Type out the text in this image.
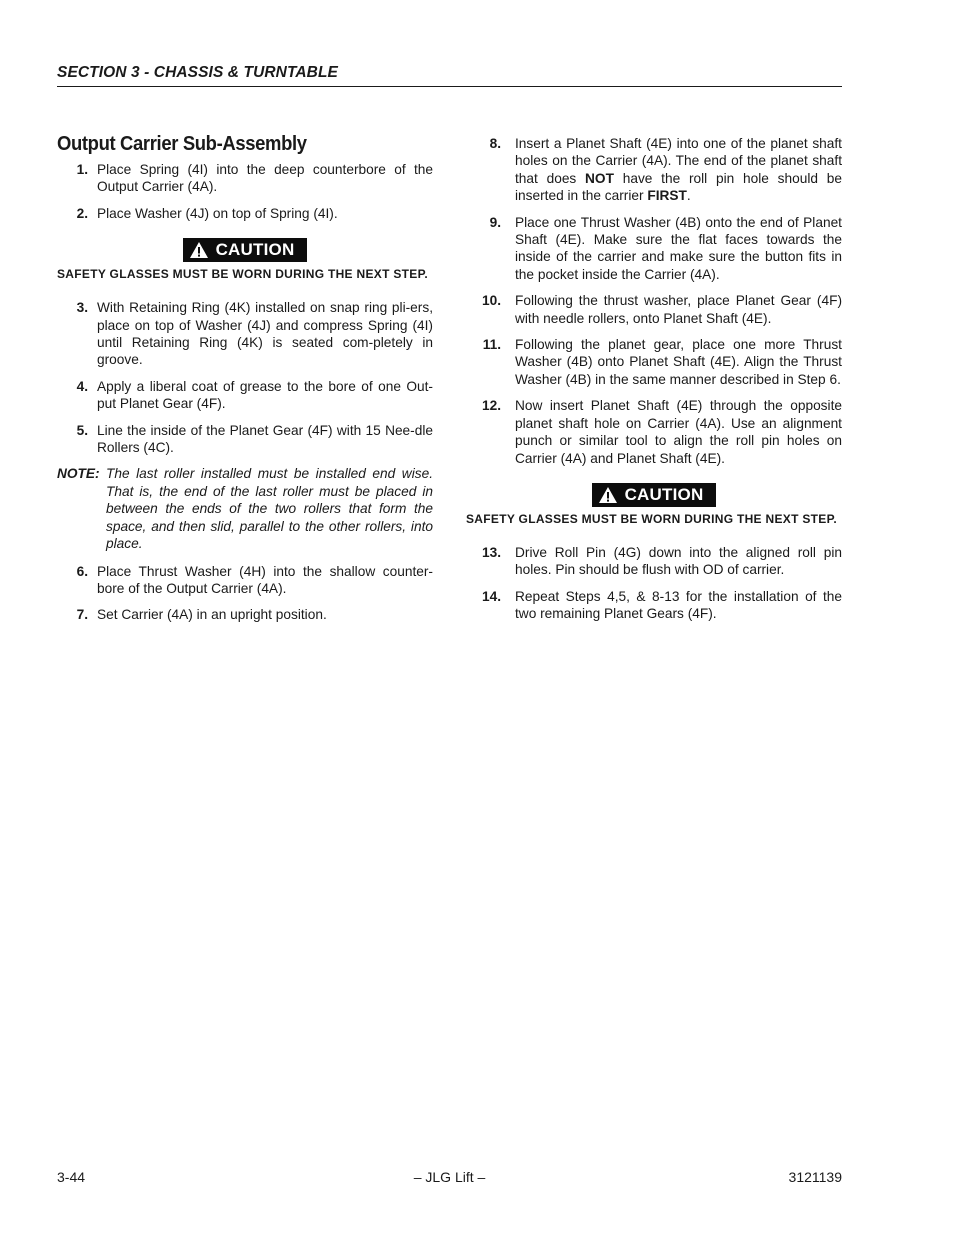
SECTION 3 - CHASSIS & TURNTABLE
Output Carrier Sub-Assembly
1. Place Spring (4I) into the deep counterbore of the Output Carrier (4A).
2. Place Washer (4J) on top of Spring (4I).
CAUTION
SAFETY GLASSES MUST BE WORN DURING THE NEXT STEP.
3. With Retaining Ring (4K) installed on snap ring pli-ers, place on top of Washer (4J) and compress Spring (4I) until Retaining Ring (4K) is seated com-pletely in groove.
4. Apply a liberal coat of grease to the bore of one Out-put Planet Gear (4F).
5. Line the inside of the Planet Gear (4F) with 15 Nee-dle Rollers (4C).
NOTE: The last roller installed must be installed end wise. That is, the end of the last roller must be placed in between the ends of the two rollers that form the space, and then slid, parallel to the other rollers, into place.
6. Place Thrust Washer (4H) into the shallow counter-bore of the Output Carrier (4A).
7. Set Carrier (4A) in an upright position.
8.	Insert a Planet Shaft (4E) into one of the planet shaft holes on the Carrier (4A). The end of the planet shaft that does NOT have the roll pin hole should be inserted in the carrier FIRST.
9.	Place one Thrust Washer (4B) onto the end of Planet Shaft (4E). Make sure the flat faces towards the inside of the carrier and make sure the button fits in the pocket inside the Carrier (4A).
10.	Following the thrust washer, place Planet Gear (4F) with needle rollers, onto Planet Shaft (4E).
11.	Following the planet gear, place one more Thrust Washer (4B) onto Planet Shaft (4E). Align the Thrust Washer (4B) in the same manner described in Step 6.
12.	Now insert Planet Shaft (4E) through the opposite planet shaft hole on Carrier (4A). Use an alignment punch or similar tool to align the roll pin holes on Carrier (4A) and Planet Shaft (4E).
CAUTION
SAFETY GLASSES MUST BE WORN DURING THE NEXT STEP.
13.	Drive Roll Pin (4G) down into the aligned roll pin holes. Pin should be flush with OD of carrier.
14.	Repeat Steps 4,5, & 8-13 for the installation of the two remaining Planet Gears (4F).
3-44	– JLG Lift –	3121139
